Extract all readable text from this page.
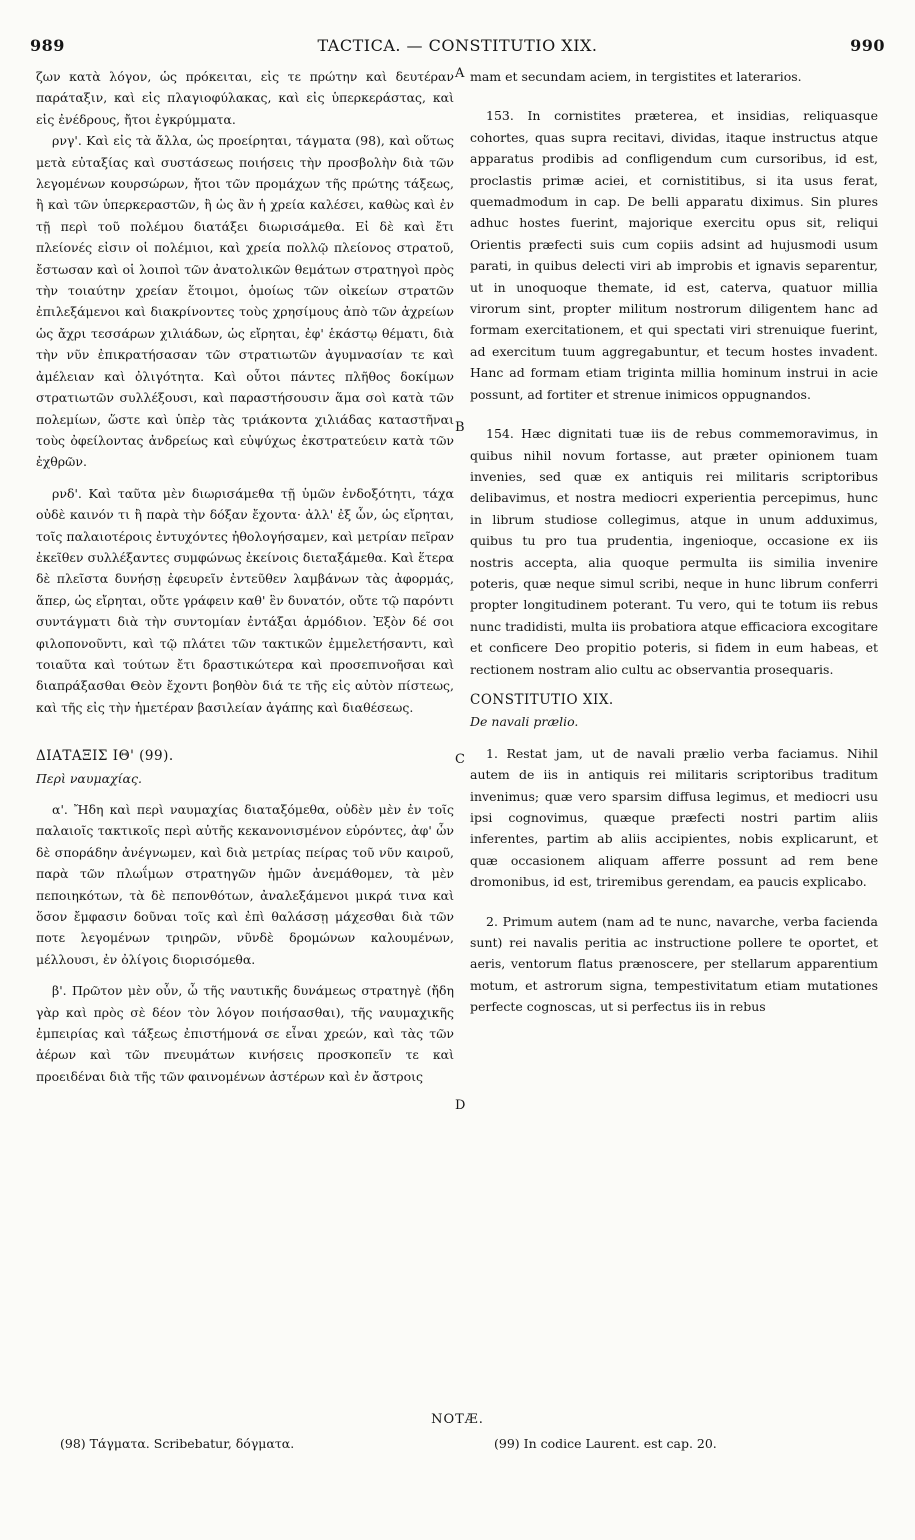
989	TACTICA. — CONSTITUTIO XIX.	990

ζων κατὰ λόγον, ὡς πρόκειται, εἰς τε πρώτην καὶ δευτέραν παράταξιν, καὶ εἰς πλαγιοφύλακας, καὶ εἰς ὑπερκεράστας, καὶ εἰς ἐνέδρους, ἤτοι ἐγκρύμματα.

ρνγ'. Καὶ εἰς τὰ ἄλλα, ὡς προείρηται, τάγματα (98), καὶ οὕτως μετὰ εὐταξίας καὶ συστάσεως ποιήσεις τὴν προσβολὴν διὰ τῶν λεγομένων κουρσώρων, ἤτοι τῶν προμάχων τῆς πρώτης τάξεως, ἢ καὶ τῶν ὑπερκεραστῶν, ἢ ὡς ἂν ἡ χρεία καλέσει, καθὼς καὶ ἐν τῇ περὶ τοῦ πολέμου διατάξει διωρισάμεθα. Εἰ δὲ καὶ ἔτι πλείονές εἰσιν οἱ πολέμιοι, καὶ χρεία πολλῷ πλείονος στρατοῦ, ἔστωσαν καὶ οἱ λοιποὶ τῶν ἀνατολικῶν θεμάτων στρατηγοὶ πρὸς τὴν τοιαύτην χρείαν ἕτοιμοι, ὁμοίως τῶν οἰκείων στρατῶν ἐπιλεξάμενοι καὶ διακρίνοντες τοὺς χρησίμους ἀπὸ τῶν ἀχρείων ὡς ἄχρι τεσσάρων χιλιάδων, ὡς εἴρηται, ἐφ' ἑκάστῳ θέματι, διὰ τὴν νῦν ἐπικρατήσασαν τῶν στρατιωτῶν ἀγυμνασίαν τε καὶ ἀμέλειαν καὶ ὀλιγότητα. Καὶ οὗτοι πάντες πλῆθος δοκίμων στρατιωτῶν συλλέξουσι, καὶ παραστήσουσιν ἅμα σοὶ κατὰ τῶν πολεμίων, ὥστε καὶ ὑπὲρ τὰς τριάκοντα χιλιάδας καταστῆναι τοὺς ὀφείλοντας ἀνδρείως καὶ εὐψύχως ἐκστρατεύειν κατὰ τῶν ἐχθρῶν.

ρνδ'. Καὶ ταῦτα μὲν διωρισάμεθα τῇ ὑμῶν ἐνδοξότητι, τάχα οὐδὲ καινόν τι ἢ παρὰ τὴν δόξαν ἔχοντα· ἀλλ' ἐξ ὧν, ὡς εἴρηται, τοῖς παλαιοτέροις ἐντυχόντες ἠθολογήσαμεν, καὶ μετρίαν πεῖραν ἐκεῖθεν συλλέξαντες συμφώνως ἐκείνοις διεταξάμεθα. Καὶ ἕτερα δὲ πλεῖστα δυνήσῃ ἐφευρεῖν ἐντεῦθεν λαμβάνων τὰς ἀφορμάς, ἅπερ, ὡς εἴρηται, οὔτε γράφειν καθ' ἓν δυνατόν, οὔτε τῷ παρόντι συντάγματι διὰ τὴν συντομίαν ἐντάξαι ἁρμόδιον. Ἐξὸν δέ σοι φιλοπονοῦντι, καὶ τῷ πλάτει τῶν τακτικῶν ἐμμελετήσαντι, καὶ τοιαῦτα καὶ τούτων ἔτι δραστικώτερα καὶ προσεπινοῆσαι καὶ διαπράξασθαι Θεὸν ἔχοντι βοηθὸν διά τε τῆς εἰς αὐτὸν πίστεως, καὶ τῆς εἰς τὴν ἡμετέραν βασιλείαν ἀγάπης καὶ διαθέσεως.

ΔΙΑΤΑΞΙΣ ΙΘ' (99).

Περὶ ναυμαχίας.

α'. Ἤδη καὶ περὶ ναυμαχίας διαταξόμεθα, οὐδὲν μὲν ἐν τοῖς παλαιοῖς τακτικοῖς περὶ αὐτῆς κεκανονισμένον εὑρόντες, ἀφ' ὧν δὲ σποράδην ἀνέγνωμεν, καὶ διὰ μετρίας πείρας τοῦ νῦν καιροῦ, παρὰ τῶν πλωΐμων στρατηγῶν ἡμῶν ἀνεμάθομεν, τὰ μὲν πεποιηκότων, τὰ δὲ πεπονθότων, ἀναλεξάμενοι μικρά τινα καὶ ὅσον ἔμφασιν δοῦναι τοῖς καὶ ἐπὶ θαλάσσῃ μάχεσθαι διὰ τῶν ποτε λεγομένων τριηρῶν, νῦνδὲ δρομώνων καλουμένων, μέλλουσι, ἐν ὀλίγοις διορισόμεθα.

β'. Πρῶτον μὲν οὖν, ὦ τῆς ναυτικῆς δυνάμεως στρατηγὲ (ἤδη γὰρ καὶ πρὸς σὲ δέον τὸν λόγον ποιήσασθαι), τῆς ναυμαχικῆς ἐμπειρίας καὶ τάξεως ἐπιστήμονά σε εἶναι χρεών, καὶ τὰς τῶν ἀέρων καὶ τῶν πνευμάτων κινήσεις προσκοπεῖν τε καὶ προειδέναι διὰ τῆς τῶν φαινομένων ἀστέρων καὶ ἐν ἄστροις

mam et secundam aciem, in tergistites et laterarios.

153. In cornistites præterea, et insidias, reliquasque cohortes, quas supra recitavi, dividas, itaque instructus atque apparatus prodibis ad confligendum cum cursoribus, id est, proclastis primæ aciei, et cornistitibus, si ita usus ferat, quemadmodum in cap. De belli apparatu diximus. Sin plures adhuc hostes fuerint, majorique exercitu opus sit, reliqui Orientis præfecti suis cum copiis adsint ad hujusmodi usum parati, in quibus delecti viri ab improbis et ignavis separentur, ut in unoquoque themate, id est, caterva, quatuor millia virorum sint, propter militum nostrorum diligentem hanc ad formam exercitationem, et qui spectati viri strenuique fuerint, ad exercitum tuum aggregabuntur, et tecum hostes invadent. Hanc ad formam etiam triginta millia hominum instrui in acie possunt, ad fortiter et strenue inimicos oppugnandos.

154. Hæc dignitati tuæ iis de rebus commemoravimus, in quibus nihil novum fortasse, aut præter opinionem tuam invenies, sed quæ ex antiquis rei militaris scriptoribus delibavimus, et nostra mediocri experientia percepimus, hunc in librum studiose collegimus, atque in unum adduximus, quibus tu pro tua prudentia, ingenioque, occasione ex iis nostris accepta, alia quoque permulta iis similia invenire poteris, quæ neque simul scribi, neque in hunc librum conferri propter longitudinem poterant. Tu vero, qui te totum iis rebus nunc tradidisti, multa iis probatiora atque efficaciora excogitare et conficere Deo propitio poteris, si fidem in eum habeas, et rectionem nostram alio cultu ac observantia prosequaris.

CONSTITUTIO XIX.

De navali prælio.

1. Restat jam, ut de navali prælio verba faciamus. Nihil autem de iis in antiquis rei militaris scriptoribus traditum invenimus; quæ vero sparsim diffusa legimus, et mediocri usu ipsi cognovimus, quæque præfecti nostri partim aliis inferentes, partim ab aliis accipientes, nobis explicarunt, et quæ occasionem aliquam afferre possunt ad rem bene dromonibus, id est, triremibus gerendam, ea paucis explicabo.

2. Primum autem (nam ad te nunc, navarche, verba facienda sunt) rei navalis peritia ac instructione pollere te oportet, et aeris, ventorum flatus prænoscere, per stellarum apparentium motum, et astrorum signa, tempestivitatum etiam mutationes perfecte cognoscas, ut si perfectus iis in rebus

A
B
C
D
NOTÆ.
(98) Τάγματα. Scribebatur, δόγματα.	(99) In codice Laurent. est cap. 20.
